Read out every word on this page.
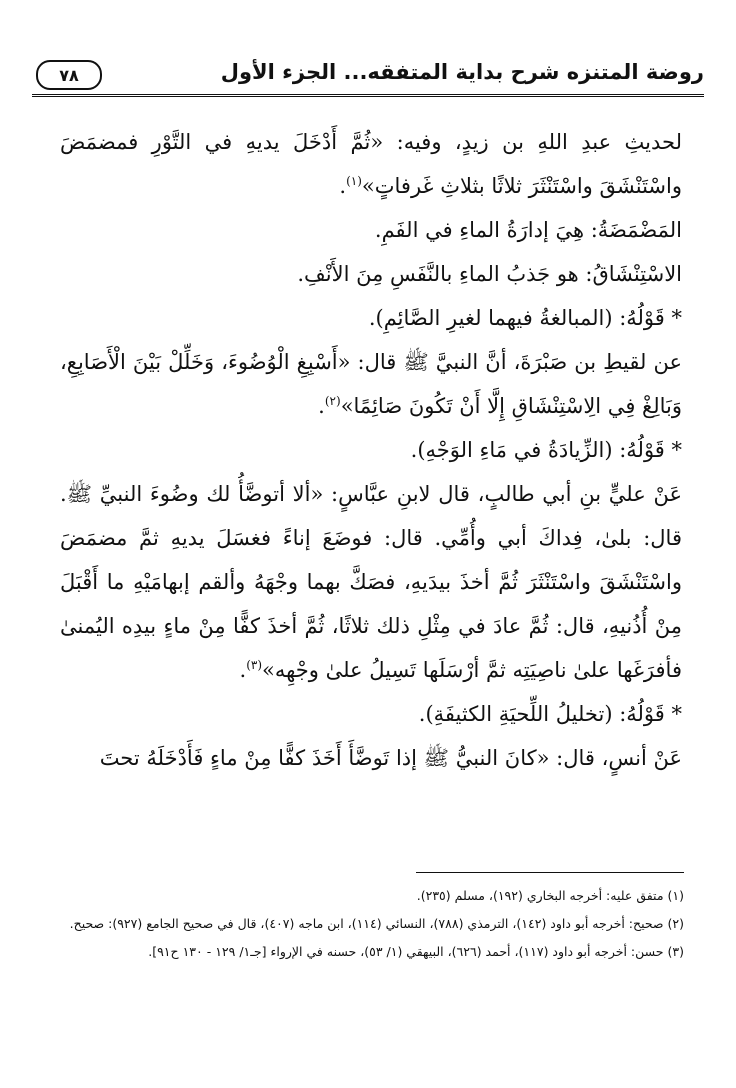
روضة المتنزه شرح بداية المتفقه... الجزء الأول
٧٨

لحديثِ عبدِ اللهِ بن زيدٍ، وفيه: «ثُمَّ أَدْخَلَ يديهِ في التَّوْرِ فمضمَضَ واسْتَنْشَقَ واسْتَنْثَرَ ثلاثًا بثلاثِ غَرفاتٍ»$^{(١)}$.

المَضْمَضَةُ: هِيَ إدارَةُ الماءِ في الفَمِ.

الاسْتِنْشَاقُ: هو جَذبُ الماءِ بالنَّفَسِ مِنَ الأَنْفِ.

* قَوْلُهُ: (المبالغةُ فيهما لغيرِ الصَّائِمِ).

عن لقيطِ بن صَبْرَةَ، أنَّ النبيَّ ﷺ قال: «أَسْبِغِ الْوُضُوءَ، وَخَلِّلْ بَيْنَ الْأَصَابِعِ، وَبَالِغْ فِي الِاسْتِنْشَاقِ إِلَّا أَنْ تَكُونَ صَائِمًا»$^{(٢)}$.

* قَوْلُهُ: (الزِّيادَةُ في مَاءِ الوَجْهِ).

عَنْ عليٍّ بنِ أبي طالبٍ، قال لابنِ عبَّاسٍ: «ألا أتوضَّأُ لك وضُوءَ النبيِّ ﷺ. قال: بلىٰ، فِداكَ أبي وأُمِّي. قال: فوضَعَ إناءً فغسَلَ يديهِ ثمَّ مضمَضَ واسْتَنْشَقَ واسْتَنْثَرَ ثُمَّ أخذَ بيدَيهِ، فصَكَّ بهما وجْهَهُ وألقم إبهامَيْهِ ما أَقْبَلَ مِنْ أُذُنيهِ، قال: ثُمَّ عادَ في مِثْلِ ذلك ثلاثًا، ثُمَّ أخذَ كفًّا مِنْ ماءٍ بيدِه اليُمنىٰ فأفرَغَها علىٰ ناصِيَتِه ثمَّ أرْسَلَها تَسِيلُ علىٰ وجْهِه»$^{(٣)}$.

* قَوْلُهُ: (تخليلُ اللِّحيَةِ الكثيفَةِ).

عَنْ أنسٍ، قال: «كانَ النبيُّ ﷺ إذا تَوضَّأَ أَخَذَ كفًّا مِنْ ماءٍ فَأَدْخَلَهُ تحتَ

(١) متفق عليه: أخرجه البخاري (١٩٢)، مسلم (٢٣٥).

(٢) صحيح: أخرجه أبو داود (١٤٢)، الترمذي (٧٨٨)، النسائي (١١٤)، ابن ماجه (٤٠٧)، قال في صحيح الجامع (٩٢٧): صحيح.

(٣) حسن: أخرجه أبو داود (١١٧)، أحمد (٦٢٦)، البيهقي (١/ ٥٣)، حسنه في الإرواء [جـ١/ ١٢٩ - ١٣٠ ح٩١].
